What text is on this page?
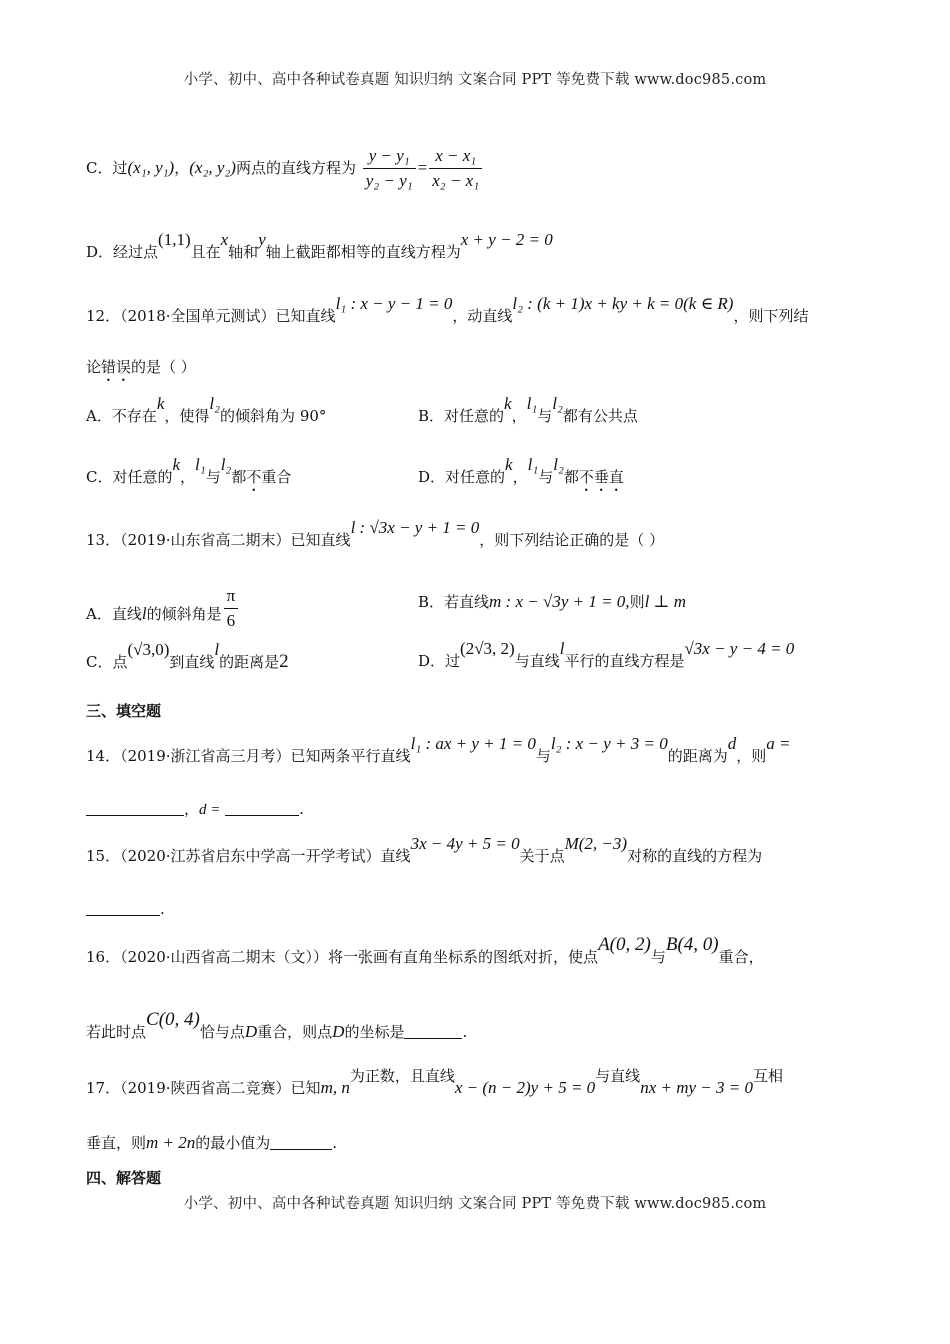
小学、初中、高中各种试卷真题 知识归纳 文案合同 PPT 等免费下载 www.doc985.com
C．过(x₁, y₁)，(x₂, y₂)两点的直线方程为 $\frac{\text{y − y₁}}{\text{y₂ − y₁}} = \frac{\text{x − x₁}}{\text{x₂ − x₁}}$
D．经过点(1,1)且在x轴和y轴上截距都相等的直线方程为x + y − 2 = 0
12．（2018·全国单元测试）已知直线l₁ : x − y − 1 = 0，动直线l₂ : (k + 1)x + ky + k = 0(k ∈ R)，则下列结
论错误的是（ ）
A．不存在k，使得l₂的倾斜角为 90°	B．对任意的k，l₁与l₂都有公共点
C．对任意的k，l₁与l₂都不重合	D．对任意的k，l₁与l₂都不垂直
13．（2019·山东省高二期末）已知直线l : √3x − y + 1 = 0，则下列结论正确的是（ ）
A．直线l的倾斜角是 $\frac{\pi}{6}$	B．若直线m : x − √3y + 1 = 0,则l ⊥ m
C．点(√3,0)到直线l的距离是2	D．过(2√3, 2)与直线l平行的直线方程是√3x − y − 4 = 0
三、填空题
14．（2019·浙江省高三月考）已知两条平行直线l₁ : ax + y + 1 = 0与l₂ : x − y + 3 = 0的距离为d，则a =
，d =	.
15．（2020·江苏省启东中学高一开学考试）直线3x − 4y + 5 = 0关于点M(2, −3)对称的直线的方程为
.
16．（2020·山西省高二期末（文））将一张画有直角坐标系的图纸对折，使点A(0, 2)与B(4, 0)重合，
若此时点C(0, 4)恰与点D重合，则点D的坐标是	.
17．（2019·陕西省高二竞赛）已知m, n为正数，且直线x − (n − 2)y + 5 = 0与直线nx + my − 3 = 0互相
垂直，则m + 2n的最小值为	.
四、解答题
小学、初中、高中各种试卷真题 知识归纳 文案合同 PPT 等免费下载 www.doc985.com
